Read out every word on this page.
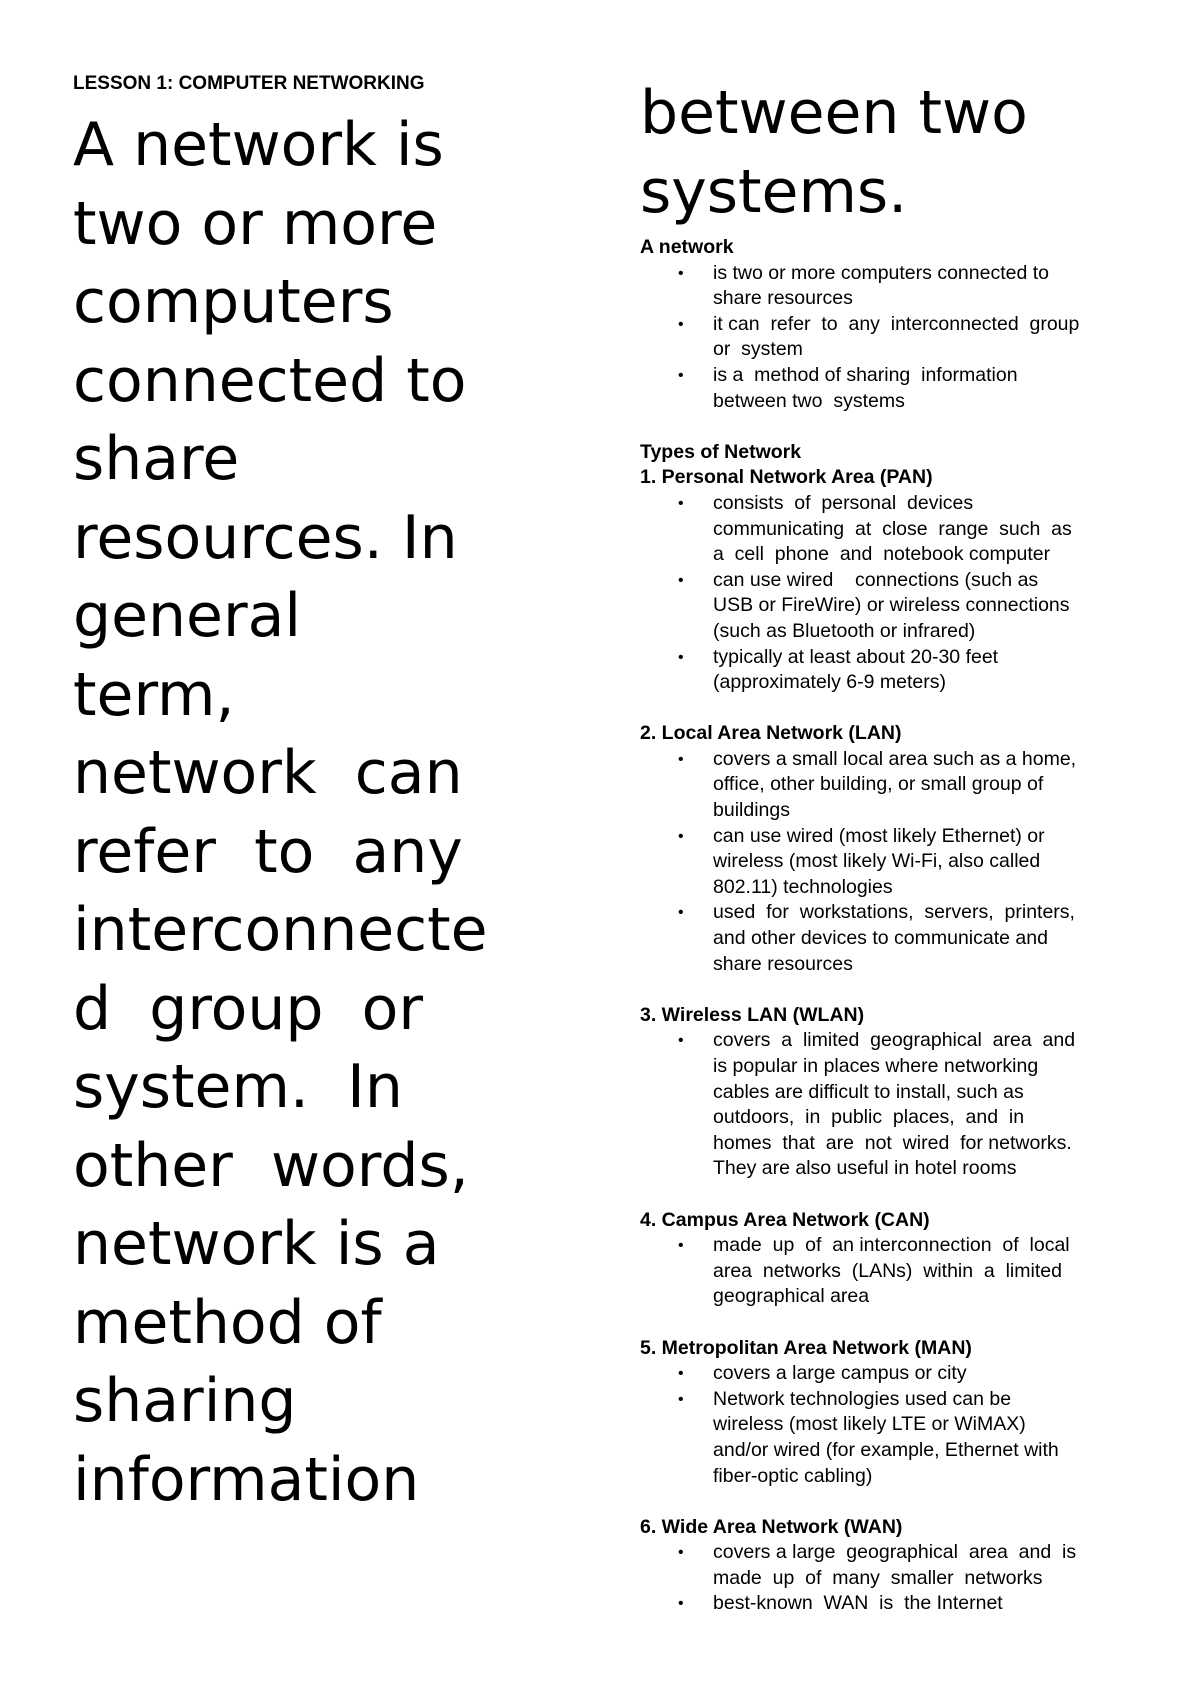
LESSON 1: COMPUTER NETWORKING
A network is
two or more
computers
connected to
share
resources. In
general
term,
network  can
refer  to  any
interconnecte
d  group  or
system.  In
other  words,
network is a
method of
sharing
information
between two
systems.
A network
• is two or more computers connected to
share resources
• it can  refer  to  any  interconnected  group
or  system
• is a  method of sharing  information
between two  systems
Types of Network
1. Personal Network Area (PAN)
• consists  of  personal  devices
communicating  at  close  range  such  as
a  cell  phone  and  notebook computer
• can use wired    connections (such as
USB or FireWire) or wireless connections
(such as Bluetooth or infrared)
• typically at least about 20-30 feet
(approximately 6-9 meters)
2. Local Area Network (LAN)
• covers a small local area such as a home,
office, other building, or small group of
buildings
• can use wired (most likely Ethernet) or
wireless (most likely Wi-Fi, also called
802.11) technologies
• used  for  workstations,  servers,  printers,
and other devices to communicate and
share resources
3. Wireless LAN (WLAN)
• covers  a  limited  geographical  area  and
is popular in places where networking
cables are difficult to install, such as
outdoors,  in  public  places,  and  in
homes  that  are  not  wired  for networks.
They are also useful in hotel rooms
4. Campus Area Network (CAN)
• made  up  of  an interconnection  of  local
area  networks  (LANs)  within  a  limited
geographical area
5. Metropolitan Area Network (MAN)
• covers a large campus or city
• Network technologies used can be
wireless (most likely LTE or WiMAX)
and/or wired (for example, Ethernet with
fiber-optic cabling)
6. Wide Area Network (WAN)
• covers a large  geographical  area  and  is
made  up  of  many  smaller  networks
• best-known  WAN  is  the Internet
